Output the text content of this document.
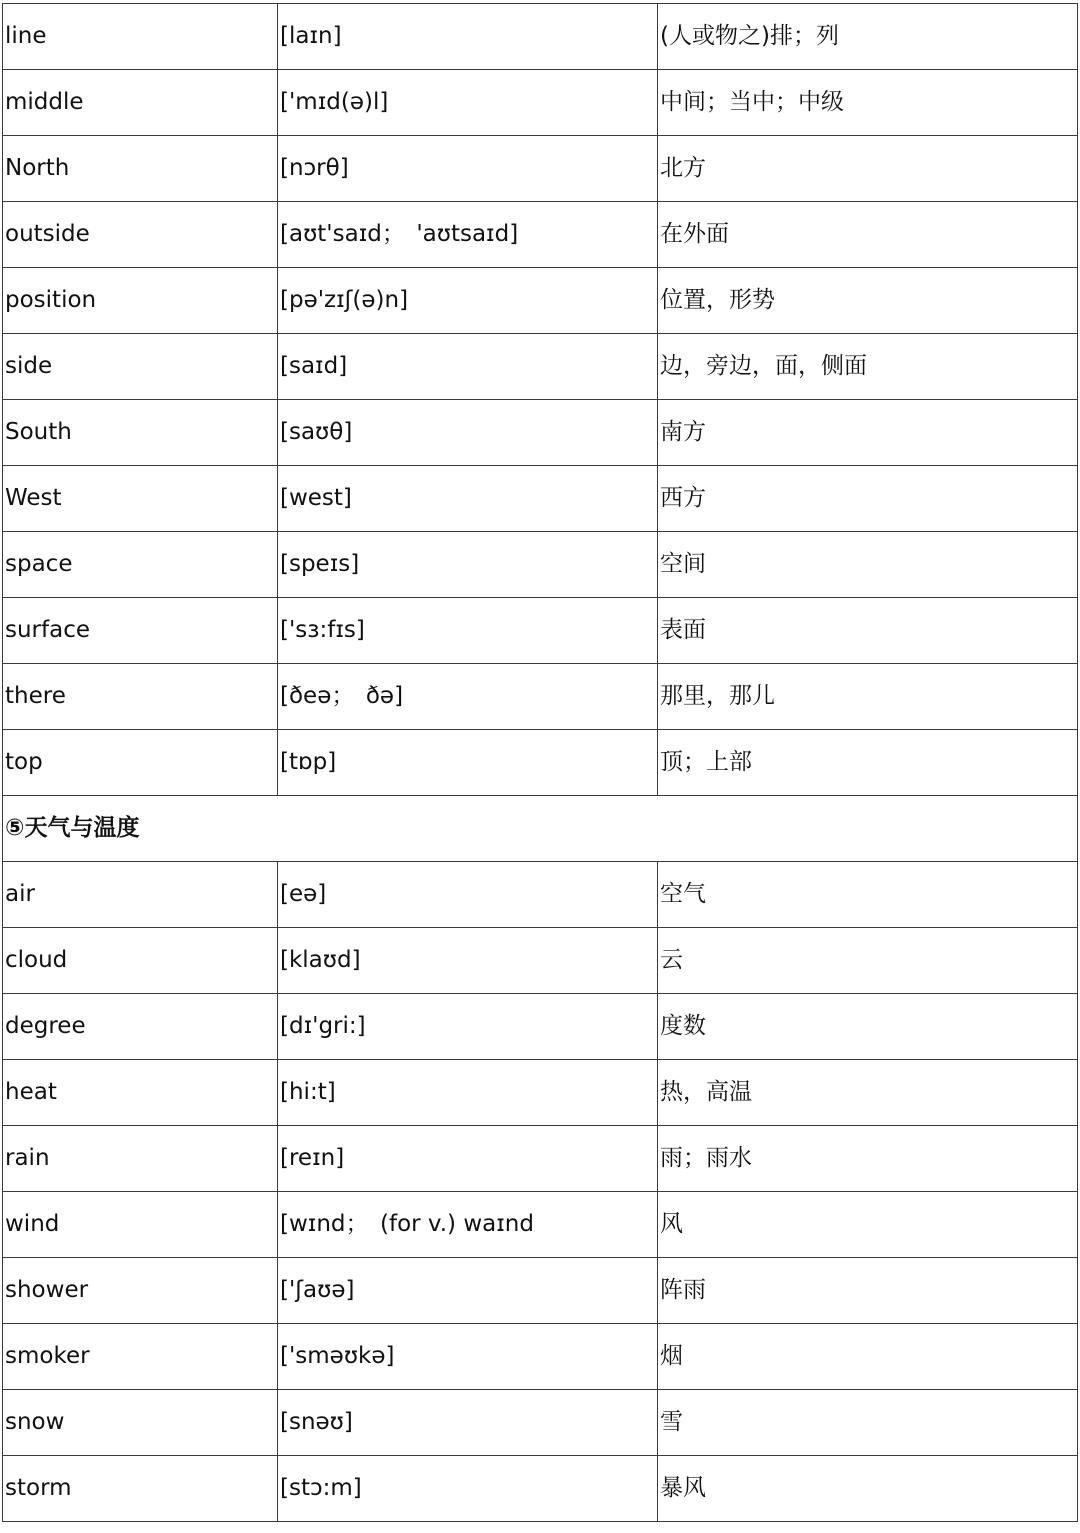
line	[laɪn]	(人或物之)排；列
middle	['mɪd(ə)l]	中间；当中；中级
North	[nɔrθ]	北方
outside	[aʊt'saɪd；　'aʊtsaɪd]	在外面
position	[pə'zɪʃ(ə)n]	位置，形势
side	[saɪd]	边，旁边，面，侧面
South	[saʊθ]	南方
West	[west]	西方
space	[speɪs]	空间
surface	['sɜ:fɪs]	表面
there	[ðeə；　ðə]	那里，那儿
top	[tɒp]	顶；上部
⑤天气与温度		
air	[eə]	空气
cloud	[klaʊd]	云
degree	[dɪ'gri:]	度数
heat	[hi:t]	热，高温
rain	[reɪn]	雨；雨水
wind	[wɪnd；　(for v.) waɪnd	风
shower	['ʃaʊə]	阵雨
smoker	['sməʊkə]	烟
snow	[snəʊ]	雪
storm	[stɔ:m]	暴风
